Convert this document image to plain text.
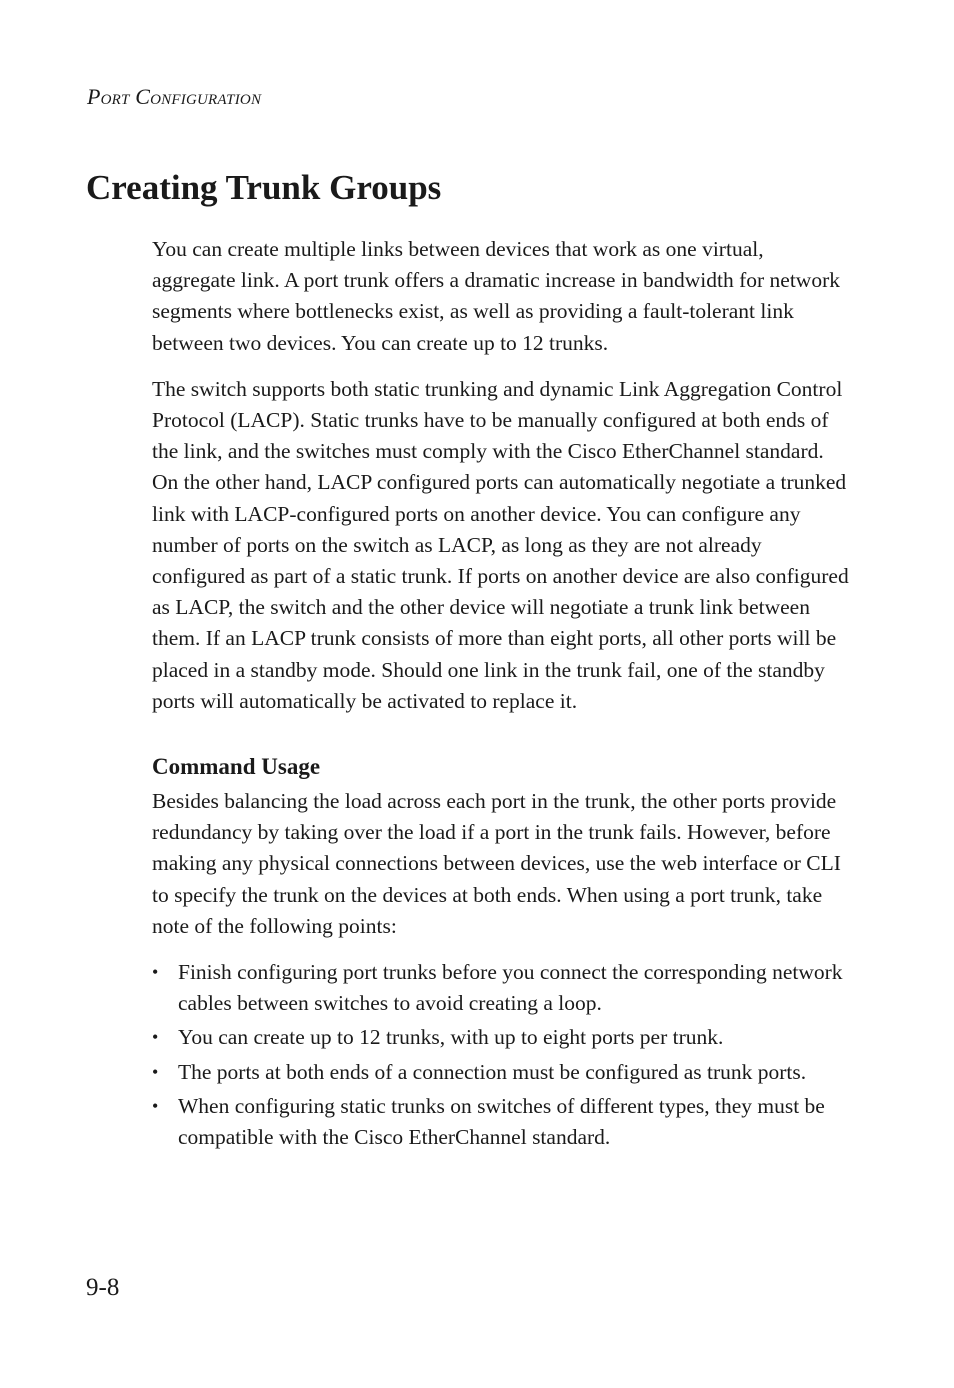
Port Configuration
Creating Trunk Groups

You can create multiple links between devices that work as one virtual, aggregate link. A port trunk offers a dramatic increase in bandwidth for network segments where bottlenecks exist, as well as providing a fault-tolerant link between two devices. You can create up to 12 trunks.

The switch supports both static trunking and dynamic Link Aggregation Control Protocol (LACP). Static trunks have to be manually configured at both ends of the link, and the switches must comply with the Cisco EtherChannel standard. On the other hand, LACP configured ports can automatically negotiate a trunked link with LACP-configured ports on another device. You can configure any number of ports on the switch as LACP, as long as they are not already configured as part of a static trunk. If ports on another device are also configured as LACP, the switch and the other device will negotiate a trunk link between them. If an LACP trunk consists of more than eight ports, all other ports will be placed in a standby mode. Should one link in the trunk fail, one of the standby ports will automatically be activated to replace it.

Command Usage

Besides balancing the load across each port in the trunk, the other ports provide redundancy by taking over the load if a port in the trunk fails. However, before making any physical connections between devices, use the web interface or CLI to specify the trunk on the devices at both ends. When using a port trunk, take note of the following points:

• Finish configuring port trunks before you connect the corresponding network cables between switches to avoid creating a loop.
• You can create up to 12 trunks, with up to eight ports per trunk.
• The ports at both ends of a connection must be configured as trunk ports.
• When configuring static trunks on switches of different types, they must be compatible with the Cisco EtherChannel standard.
9-8
